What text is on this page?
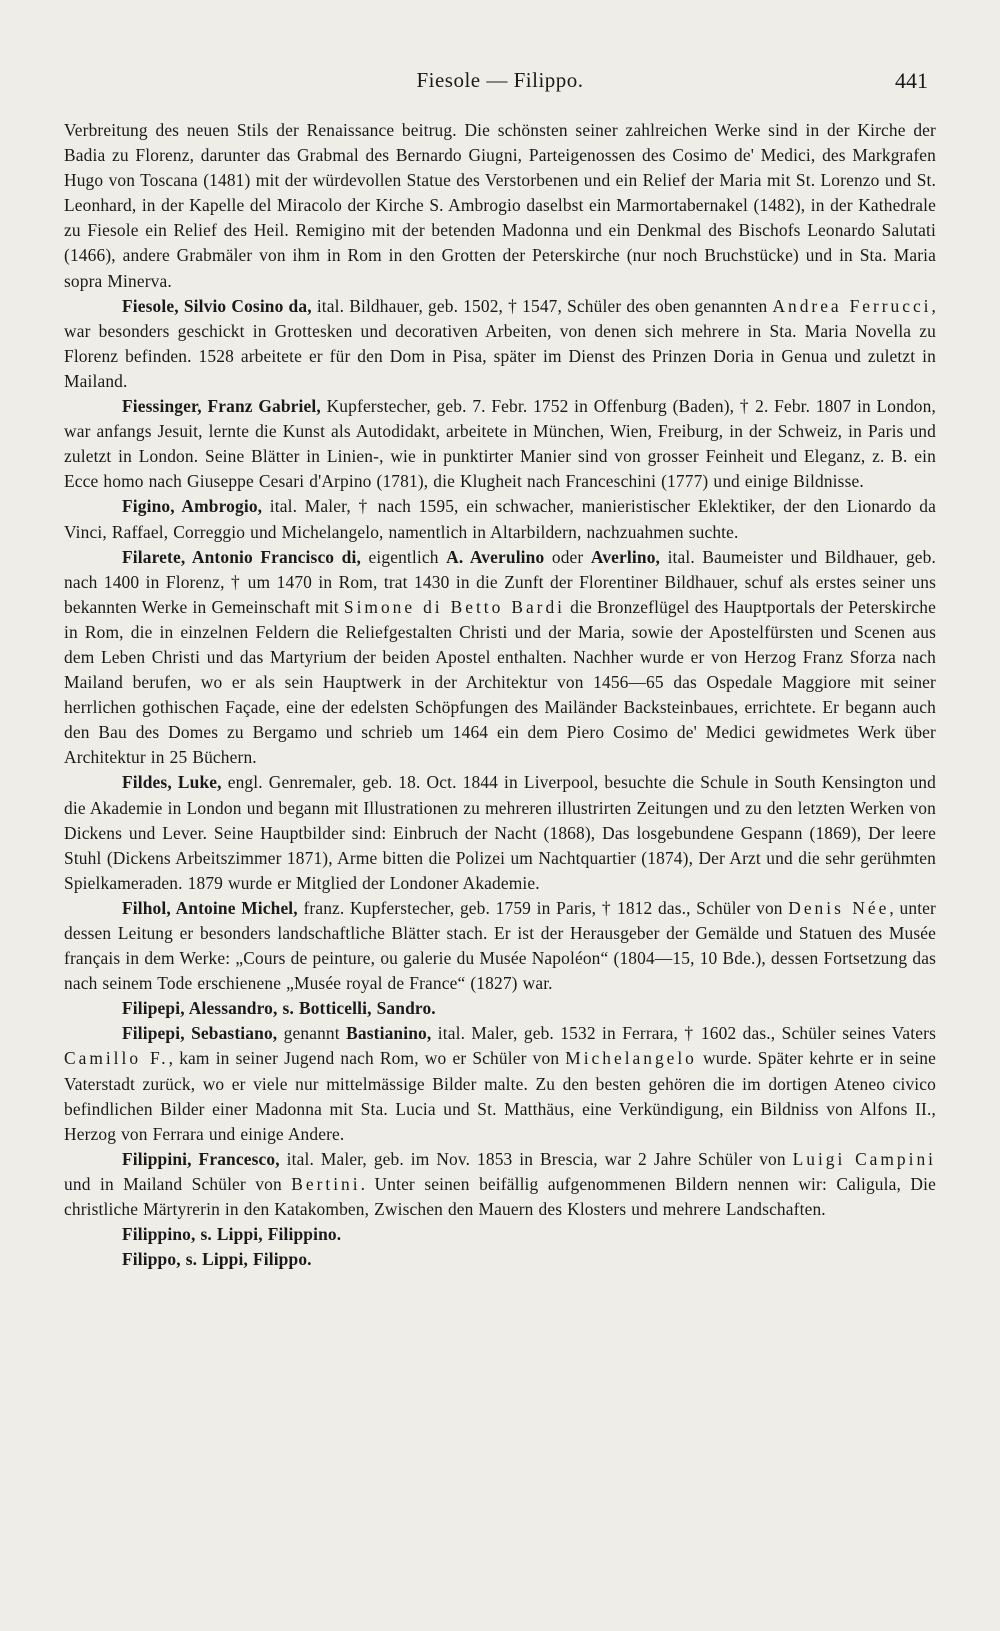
Fiesole — Filippo.	441

Verbreitung des neuen Stils der Renaissance beitrug. Die schönsten seiner zahlreichen Werke sind in der Kirche der Badia zu Florenz, darunter das Grabmal des Bernardo Giugni, Parteigenossen des Cosimo de' Medici, des Markgrafen Hugo von Toscana (1481) mit der würdevollen Statue des Verstorbenen und ein Relief der Maria mit St. Lorenzo und St. Leonhard, in der Kapelle del Miracolo der Kirche S. Ambrogio daselbst ein Marmortabernakel (1482), in der Kathedrale zu Fiesole ein Relief des Heil. Remigino mit der betenden Madonna und ein Denkmal des Bischofs Leonardo Salutati (1466), andere Grabmäler von ihm in Rom in den Grotten der Peterskirche (nur noch Bruchstücke) und in Sta. Maria sopra Minerva.

Fiesole, Silvio Cosino da, ital. Bildhauer, geb. 1502, † 1547, Schüler des oben genannten Andrea Ferrucci, war besonders geschickt in Grottesken und decorativen Arbeiten, von denen sich mehrere in Sta. Maria Novella zu Florenz befinden. 1528 arbeitete er für den Dom in Pisa, später im Dienst des Prinzen Doria in Genua und zuletzt in Mailand.

Fiessinger, Franz Gabriel, Kupferstecher, geb. 7. Febr. 1752 in Offenburg (Baden), † 2. Febr. 1807 in London, war anfangs Jesuit, lernte die Kunst als Autodidakt, arbeitete in München, Wien, Freiburg, in der Schweiz, in Paris und zuletzt in London. Seine Blätter in Linien-, wie in punktirter Manier sind von grosser Feinheit und Eleganz, z. B. ein Ecce homo nach Giuseppe Cesari d'Arpino (1781), die Klugheit nach Franceschini (1777) und einige Bildnisse.

Figino, Ambrogio, ital. Maler, † nach 1595, ein schwacher, manieristischer Eklektiker, der den Lionardo da Vinci, Raffael, Correggio und Michelangelo, namentlich in Altarbildern, nachzuahmen suchte.

Filarete, Antonio Francisco di, eigentlich A. Averulino oder Averlino, ital. Baumeister und Bildhauer, geb. nach 1400 in Florenz, † um 1470 in Rom, trat 1430 in die Zunft der Florentiner Bildhauer, schuf als erstes seiner uns bekannten Werke in Gemeinschaft mit Simone di Betto Bardi die Bronzeflügel des Hauptportals der Peterskirche in Rom, die in einzelnen Feldern die Reliefgestalten Christi und der Maria, sowie der Apostelfürsten und Scenen aus dem Leben Christi und das Martyrium der beiden Apostel enthalten. Nachher wurde er von Herzog Franz Sforza nach Mailand berufen, wo er als sein Hauptwerk in der Architektur von 1456—65 das Ospedale Maggiore mit seiner herrlichen gothischen Façade, eine der edelsten Schöpfungen des Mailänder Backsteinbaues, errichtete. Er begann auch den Bau des Domes zu Bergamo und schrieb um 1464 ein dem Piero Cosimo de' Medici gewidmetes Werk über Architektur in 25 Büchern.

Fildes, Luke, engl. Genremaler, geb. 18. Oct. 1844 in Liverpool, besuchte die Schule in South Kensington und die Akademie in London und begann mit Illustrationen zu mehreren illustrirten Zeitungen und zu den letzten Werken von Dickens und Lever. Seine Hauptbilder sind: Einbruch der Nacht (1868), Das losgebundene Gespann (1869), Der leere Stuhl (Dickens Arbeitszimmer 1871), Arme bitten die Polizei um Nachtquartier (1874), Der Arzt und die sehr gerühmten Spielkameraden. 1879 wurde er Mitglied der Londoner Akademie.

Filhol, Antoine Michel, franz. Kupferstecher, geb. 1759 in Paris, † 1812 das., Schüler von Denis Née, unter dessen Leitung er besonders landschaftliche Blätter stach. Er ist der Herausgeber der Gemälde und Statuen des Musée français in dem Werke: „Cours de peinture, ou galerie du Musée Napoléon“ (1804—15, 10 Bde.), dessen Fortsetzung das nach seinem Tode erschienene „Musée royal de France“ (1827) war.

Filipepi, Alessandro, s. Botticelli, Sandro.

Filipepi, Sebastiano, genannt Bastianino, ital. Maler, geb. 1532 in Ferrara, † 1602 das., Schüler seines Vaters Camillo F., kam in seiner Jugend nach Rom, wo er Schüler von Michelangelo wurde. Später kehrte er in seine Vaterstadt zurück, wo er viele nur mittelmässige Bilder malte. Zu den besten gehören die im dortigen Ateneo civico befindlichen Bilder einer Madonna mit Sta. Lucia und St. Matthäus, eine Verkündigung, ein Bildniss von Alfons II., Herzog von Ferrara und einige Andere.

Filippini, Francesco, ital. Maler, geb. im Nov. 1853 in Brescia, war 2 Jahre Schüler von Luigi Campini und in Mailand Schüler von Bertini. Unter seinen beifällig aufgenommenen Bildern nennen wir: Caligula, Die christliche Märtyrerin in den Katakomben, Zwischen den Mauern des Klosters und mehrere Landschaften.

Filippino, s. Lippi, Filippino.

Filippo, s. Lippi, Filippo.
